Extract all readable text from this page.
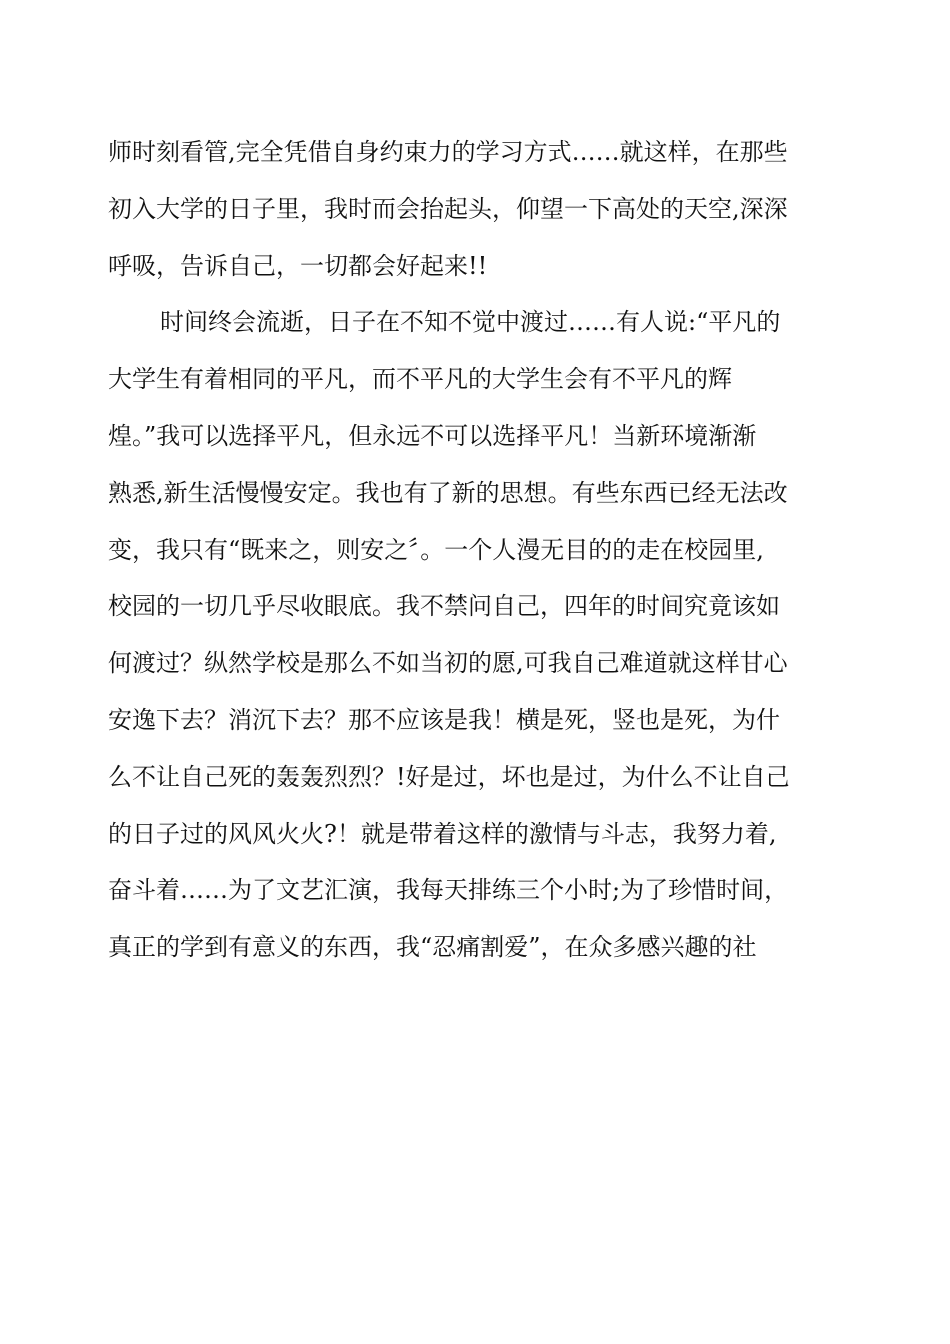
师时刻看管,完全凭借自身约束力的学习方式……就这样，在那些
初入大学的日子里，我时而会抬起头，仰望一下高处的天空,深深
呼吸，告诉自己，一切都会好起来!!
时间终会流逝，日子在不知不觉中渡过……有人说:“平凡的
大学生有着相同的平凡，而不平凡的大学生会有不平凡的辉
煌。”我可以选择平凡，但永远不可以选择平凡！当新环境渐渐
熟悉,新生活慢慢安定。我也有了新的思想。有些东西已经无法改
变，我只有“既来之，则安之〞。一个人漫无目的的走在校园里,
校园的一切几乎尽收眼底。我不禁问自己，四年的时间究竟该如
何渡过？纵然学校是那么不如当初的愿,可我自己难道就这样甘心
安逸下去？消沉下去？那不应该是我！横是死，竖也是死，为什
么不让自己死的轰轰烈烈？!好是过，坏也是过，为什么不让自己
的日子过的风风火火?！就是带着这样的激情与斗志，我努力着,
奋斗着……为了文艺汇演，我每天排练三个小时;为了珍惜时间，
真正的学到有意义的东西，我“忍痛割爱”，在众多感兴趣的社
